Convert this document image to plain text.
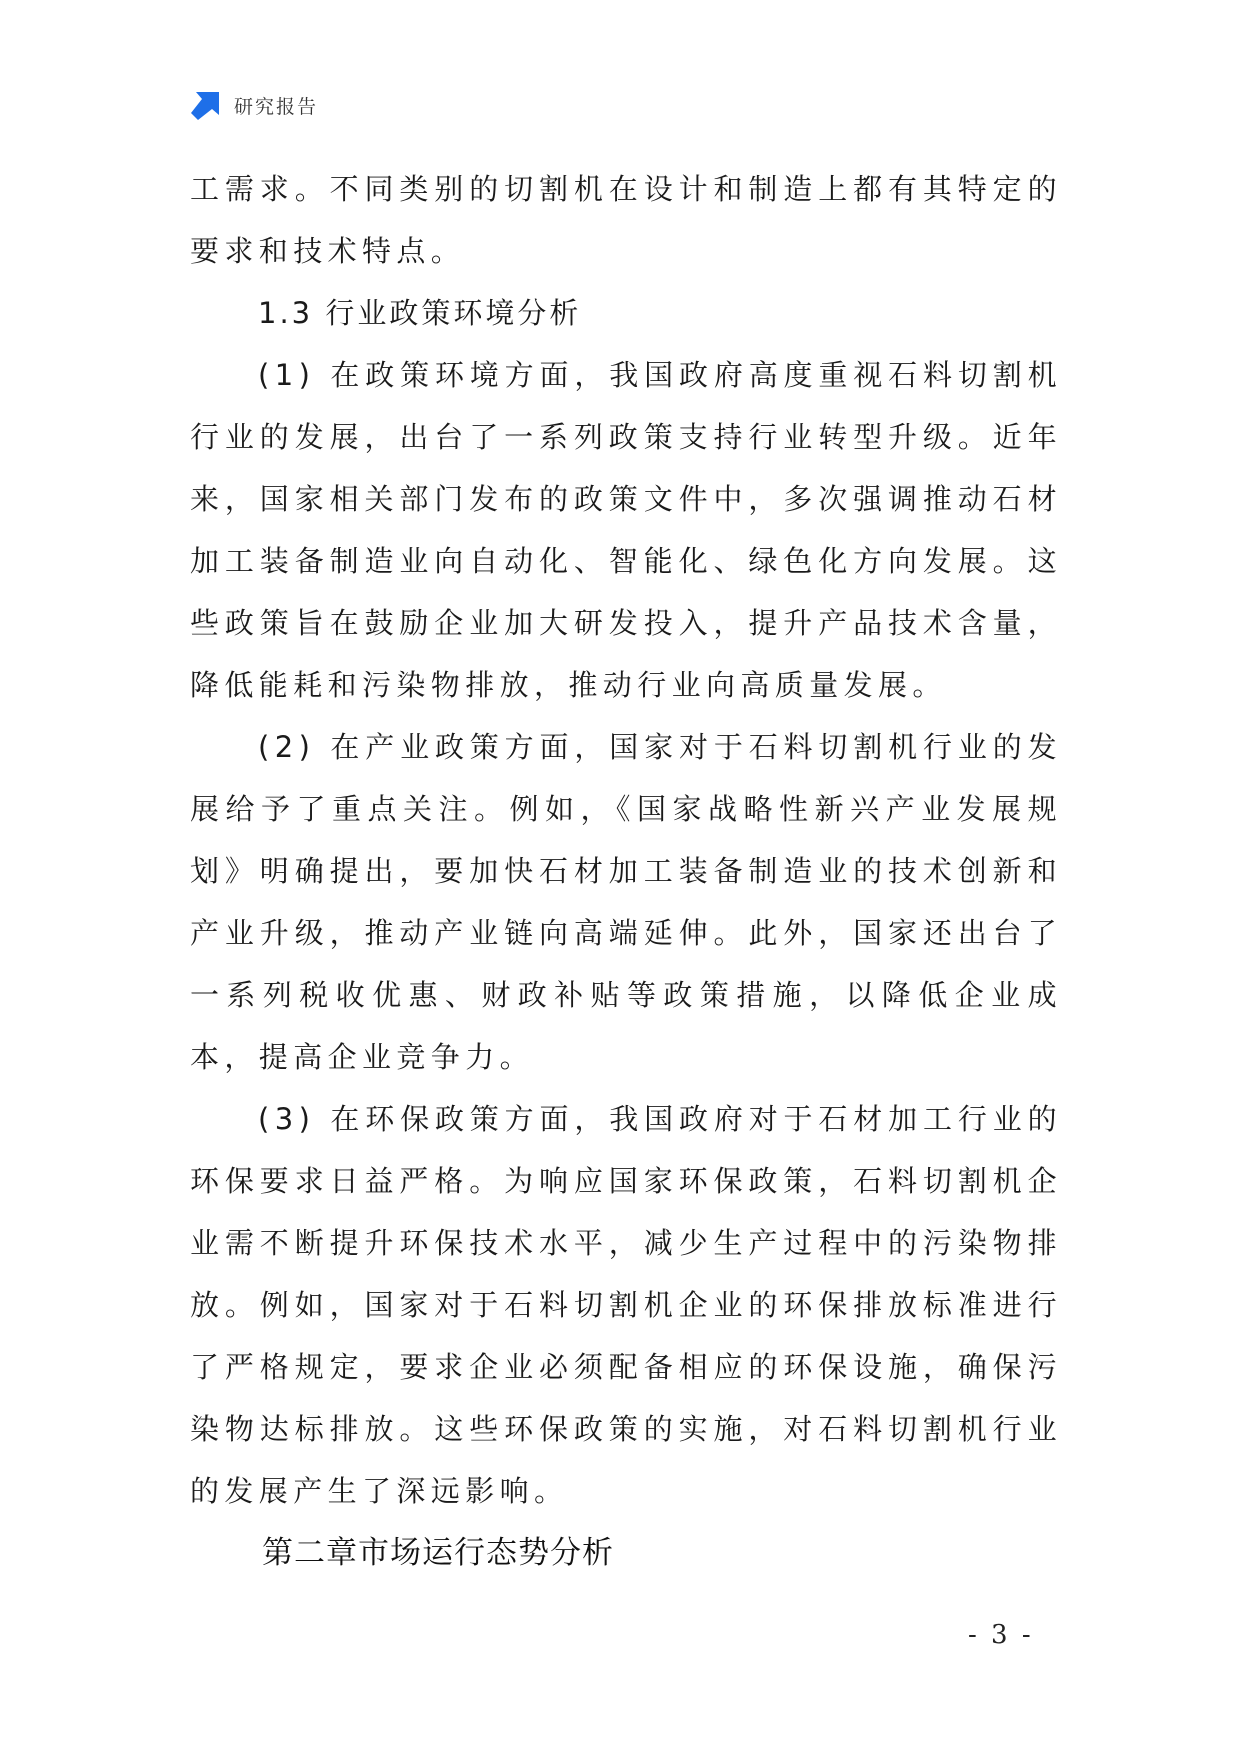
研究报告

工需求。不同类别的切割机在设计和制造上都有其特定的要求和技术特点。

1.3 行业政策环境分析

(1) 在政策环境方面，我国政府高度重视石料切割机行业的发展，出台了一系列政策支持行业转型升级。近年来，国家相关部门发布的政策文件中，多次强调推动石材加工装备制造业向自动化、智能化、绿色化方向发展。这些政策旨在鼓励企业加大研发投入，提升产品技术含量，降低能耗和污染物排放，推动行业向高质量发展。

(2) 在产业政策方面，国家对于石料切割机行业的发展给予了重点关注。例如，《国家战略性新兴产业发展规划》明确提出，要加快石材加工装备制造业的技术创新和产业升级，推动产业链向高端延伸。此外，国家还出台了一系列税收优惠、财政补贴等政策措施，以降低企业成本，提高企业竞争力。

(3) 在环保政策方面，我国政府对于石材加工行业的环保要求日益严格。为响应国家环保政策，石料切割机企业需不断提升环保技术水平，减少生产过程中的污染物排放。例如，国家对于石料切割机企业的环保排放标准进行了严格规定，要求企业必须配备相应的环保设施，确保污染物达标排放。这些环保政策的实施，对石料切割机行业的发展产生了深远影响。

第二章市场运行态势分析

- 3 -
